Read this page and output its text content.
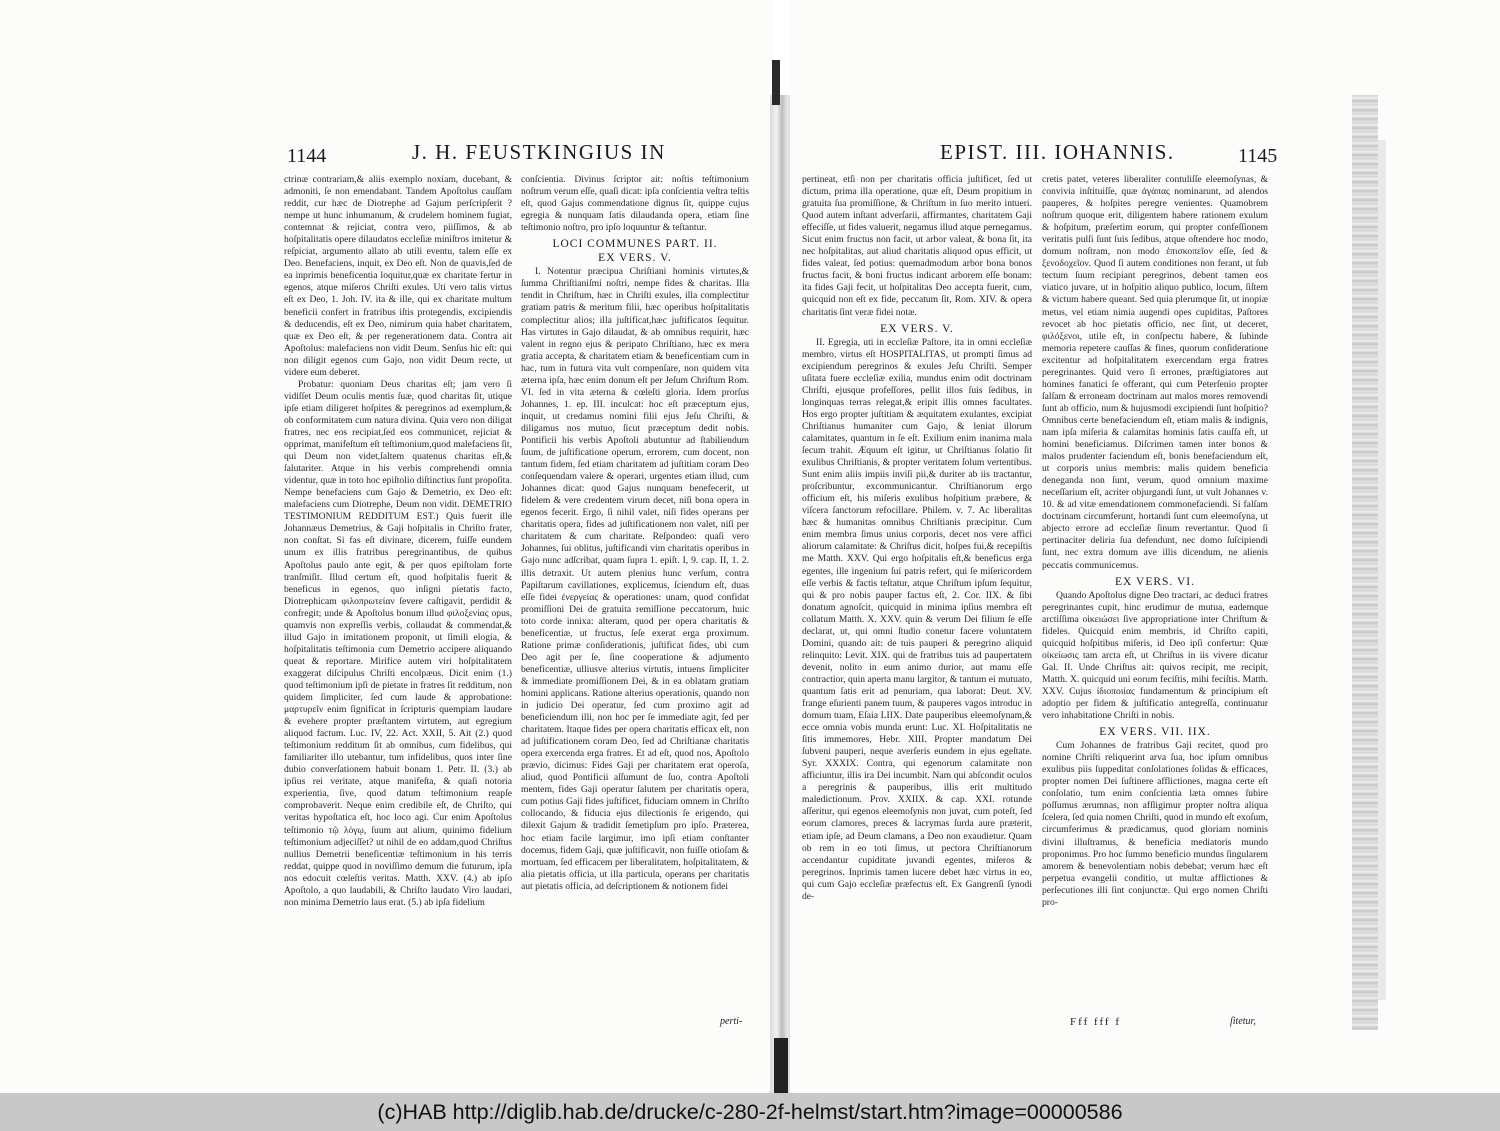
1144	J. H. FEUSTKINGIUS IN

ctrinæ contrariam,& aliis exemplo noxiam, ducebant, & admoniti, ſe non emendabant. Tandem Apoſtolus cauſſam reddit, cur hæc de Diotrephe ad Gajum perſcripſerit ? nempe ut hunc inhumanum, & crudelem hominem fugiat, contemnat & rejiciat, contra vero, piiſſimos, & ab hoſpitalitatis opere dilaudatos eccleſiæ miniſtros imitetur & reſpiciat, argumento allato ab utili eventu, talem eſſe ex Deo. Benefaciens, inquit, ex Deo eſt. Non de quavis,ſed de ea inprimis beneficentia loquitur,quæ ex charitate fertur in egenos, atque miſeros Chriſti exules. Uti vero talis virtus eſt ex Deo, 1. Joh. IV. ita & ille, qui ex charitate multum beneficii confert in fratribus iſtis protegendis, excipiendis & deducendis, eſt ex Deo, nimirum quia habet charitatem, quæ ex Deo eſt, & per regenerationem data. Contra ait Apoſtolus: malefaciens non vidit Deum. Senſus hic eſt: qui non diligit egenos cum Gajo, non vidit Deum recte, ut videre eum deberet.

Probatur: quoniam Deus charitas eſt; jam vero ſi vidiſſet Deum oculis mentis ſuæ, quod charitas ſit, utique ipſe etiam diligeret hoſpites & peregrinos ad exemplum,& ob conformitatem cum natura divina. Quia vero non diligat fratres, nec eos recipiat,ſed eos communicet, rejiciat & opprimat, manifeſtum eſt teſtimonium,quod malefaciens ſit, qui Deum non videt,ſaltem quatenus charitas eſt,& ſalutariter. Atque in his verbis comprehendi omnia videntur, quæ in toto hoc epiſtolio diſtinctius ſunt propoſita. Nempe benefaciens cum Gajo & Demetrio, ex Deo eſt: malefaciens cum Diotrephe, Deum non vidit. DEMETRIO TESTIMONIUM REDDITUM EST.) Quis fuerit ille Johannæus Demetrius, & Gaji hoſpitalis in Chriſto frater, non conſtat. Si fas eſt divinare, dicerem, fuiſſe eundem unum ex illis fratribus peregrinantibus, de quibus Apoſtolus paulo ante egit, & per quos epiſtolam forte tranſmiſit. Illud certum eſt, quod hoſpitalis fuerit & beneficus in egenos, quo inſigni pietatis facto, Diotrephicam φιλοπρωτείαν ſevere caſtigavit, perdidit & confregit; unde & Apoſtolus bonum illud φιλοξενίας opus, quamvis non expreſſis verbis, collaudat & commendat,& illud Gajo in imitationem proponit, ut ſimili elogia, & hoſpitalitatis teſtimonia cum Demetrio accipere aliquando queat & reportare. Mirifice autem viri hoſpitalitatem exaggerat diſcipulus Chriſti encolpæus. Dicit enim (1.) quod teſtimonium ipſi de pietate in fratres ſit redditum, non quidem ſimpliciter, ſed cum laude & approbatione: μαρτυρεῖν enim ſignificat in ſcripturis quempiam laudare & evehere propter præſtantem virtutem, aut egregium aliquod factum. Luc. IV, 22. Act. XXII, 5. Ait (2.) quod teſtimonium redditum ſit ab omnibus, cum fidelibus, qui familiariter illo utebantur, tum infidelibus, quos inter ſine dubio converſationem habuit bonam 1. Petr. II. (3.) ab ipſius rei veritate, atque manifeſta, & quaſi notoria experientia, ſive, quod datum teſtimonium reapſe comprobaverit. Neque enim credibile eſt, de Chriſto, qui veritas hypoſtatica eſt, hoc loco agi. Cur enim Apoſtolus teſtimonio τῷ λόγῳ, ſuum aut alium, quinimo fidelium teſtimonium adjeciſſet? ut nihil de eo addam,quod Chriſtus nullius Demetrii beneficentiæ teſtimonium in his terris reddat, quippe quod in noviſſimo demum die futurum, ipſa nos edocuit cœleſtis veritas. Matth. XXV. (4.) ab ipſo Apoſtolo, a quo laudabili, & Chriſto laudato Viro laudari, non minima Demetrio laus erat. (5.) ab ipſa fidelium

conſcientia. Divinus ſcriptor ait: noſtis teſtimonium noſtrum verum eſſe, quaſi dicat: ipſa conſcientia veſtra teſtis eſt, quod Gajus commendatione dignus ſit, quippe cujus egregia & nunquam ſatis dilaudanda opera, etiam ſine teſtimonio noſtro, pro ipſo loquuntur & teſtantur.

LOCI COMMUNES PART. II.
EX VERS. V.

I. Notentur præcipua Chriſtiani hominis virtutes,& ſumma Chriſtianiſmi noſtri, nempe fides & charitas. Illa tendit in Chriſtum, hæc in Chriſti exules, illa complectitur gratiam patris & meritum filii, hæc operibus hoſpitalitatis complectitur alios; illa juſtificat,hæc juſtificatos ſequitur. Has virtutes in Gajo dilaudat, & ab omnibus requirit, hæc valent in regno ejus & peripato Chriſtiano, hæc ex mera gratia accepta, & charitatem etiam & beneficentiam cum in hac, tum in futura vita vult compenſare, non quidem vita æterna ipſa, hæc enim donum eſt per Jeſum Chriſtum Rom. VI. ſed in vita æterna & cœleſti gloria. Idem prorſus Johannes, 1. ep. III. inculcat: hoc eſt præceptum ejus, inquit, ut credamus nomini filii ejus Jeſu Chriſti, & diligamus nos mutuo, ſicut præceptum dedit nobis. Pontificii his verbis Apoſtoli abutuntur ad ſtabiliendum ſuum, de juſtificatione operum, errorem, cum docent, non tantum fidem, ſed etiam charitatem ad juſtitiam coram Deo conſequendam valere & operari, urgentes etiam illud, cum Johannes dicat: quod Gajus nunquam benefecerit, ut fidelem & vere credentem virum decet, niſi bona opera in egenos fecerit. Ergo, ſi nihil valet, niſi fides operans per charitatis opera, fides ad juſtificationem non valet, niſi per charitatem & cum charitate. Reſpondeo: quaſi vero Johannes, ſui oblitus, juſtificandi vim charitatis operibus in Gajo nunc adſcribat, quam ſupra 1. epiſt. I, 9. cap. II, 1. 2. illis detraxit. Ut autem plenius hunc verſum, contra Papiſtarum cavillationes, explicemus, ſciendum eſt, duas eſſe fidei ἐνεργείας & operationes: unam, quod confidat promiſſioni Dei de gratuita remiſſione peccatorum, huic toto corde innixa: alteram, quod per opera charitatis & beneficentiæ, ut fructus, ſeſe exerat erga proximum. Ratione primæ conſiderationis, juſtificat ſides, ubi cum Deo agit per ſe, ſine cooperatione & adjumento beneficentiæ, ulliusve alterius virtutis, intuens ſimpliciter & immediate promiſſionem Dei, & in ea oblatam gratiam homini applicans. Ratione alterius operationis, quando non in judicio Dei operatur, ſed cum proximo agit ad beneficiendum illi, non hoc per ſe immediate agit, ſed per charitatem. Itaque fides per opera charitatis efficax eſt, non ad juſtificationem coram Deo, ſed ad Chriſtianæ charitatis opera exercenda erga fratres. Et ad eſt, quod nos, Apoſtolo prævio, dicimus: Fides Gaji per charitatem erat operoſa, aliud, quod Pontificii aſſumunt de ſuo, contra Apoſtoli mentem, fides Gaji operatur ſalutem per charitatis opera, cum potius Gaji fides juſtificet, fiduciam omnem in Chriſto collocando, & fiducia ejus dilectionis ſe erigendo, qui dilexit Gajum & tradidit ſemetipſum pro ipſo. Præterea, hoc etiam facile largimur, imo ipſi etiam conſtanter docemus, fidem Gaji, quæ juſtificavit, non fuiſſe otioſam & mortuam, ſed efficacem per liberalitatem, hoſpitalitatem, & alia pietatis officia, ut illa particula, operans per charitatis aut pietatis officia, ad deſcriptionem & notionem fidei

perti-
EPIST. III. IOHANNIS.	1145

pertineat, etſi non per charitatis officia juſtificet, ſed ut dictum, prima illa operatione, quæ eſt, Deum propitium in gratuita ſua promiſſione, & Chriſtum in ſuo merito intueri. Quod autem inſtant adverſarii, affirmantes, charitatem Gaji effeciſſe, ut fides valuerit, negamus illud atque pernegamus. Sicut enim fructus non facit, ut arbor valeat, & bona ſit, ita nec hoſpitalitas, aut aliud charitatis aliquod opus efficit, ut fides valeat, ſed potius: quemadmodum arbor bona bonos fructus facit, & boni fructus indicant arborem eſſe bonam: ita fides Gaji fecit, ut hoſpitalitas Deo accepta fuerit, cum, quicquid non eſt ex fide, peccatum ſit, Rom. XIV. & opera charitatis ſint veræ fidei notæ.

EX VERS. V.

II. Egregia, uti in eccleſiæ Paſtore, ita in omni eccleſiæ membro, virtus eſt HOSPITALITAS, ut prompti ſimus ad excipiendum peregrinos & exules Jeſu Chriſti. Semper uſitata fuere eccleſiæ exilia, mundus enim odit doctrinam Chriſti, ejusque profeſſores, pellit illos ſuis ſedibus, in longinquas terras relegat,& eripit illis omnes facultates. Hos ergo propter juſtitiam & æquitatem exulantes, excipiat Chriſtianus humaniter cum Gajo, & leniat illorum calamitates, quantum in ſe eſt. Exilium enim inanima mala ſecum trahit. Æquum eſt igitur, ut Chriſtianus ſolatio ſit exulibus Chriſtianis, & propter veritatem ſolum vertentibus. Sunt enim aliis impiis inviſi pii,& duriter ab iis tractantur, proſcribuntur, excommunicantur. Chriſtianorum ergo officium eſt, his miſeris exulibus hoſpitium præbere, & viſcera ſanctorum refocillare. Philem. v. 7. Ac liberalitas hæc & humanitas omnibus Chriſtianis præcipitur. Cum enim membra ſimus unius corporis, decet nos vere affici aliorum calamitate: & Chriſtus dicit, hoſpes fui,& recepiſtis me Matth. XXV. Qui ergo hoſpitalis eſt,& beneficus erga egentes, ille ingenium ſui patris refert, qui ſe miſericordem eſſe verbis & factis teſtatur, atque Chriſtum ipſum ſequitur, qui & pro nobis pauper factus eſt, 2. Cor. IIX. & ſibi donatum agnoſcit, quicquid in minima ipſius membra eſt collatum Matth. X. XXV. quin & verum Dei filium ſe eſſe declarat, ut, qui omni ſtudio conetur facere voluntatem Domini, quando ait: de tuis pauperi & peregrino aliquid relinquito: Levit. XIX. qui de fratribus tuis ad paupertatem devenit, nolito in eum animo durior, aut manu eſſe contractior, quin aperta manu largitor, & tantum ei mutuato, quantum ſatis erit ad penuriam, qua laborat: Deut. XV. frange eſurienti panem tuum, & pauperes vagos introduc in domum tuam, Eſaia LIIX. Date pauperibus eleemoſynam,& ecce omnia vobis munda erunt: Luc. XI. Hoſpitalitatis ne ſitis immemores, Hebr. XIII. Propter mandatum Dei ſubveni pauperi, neque averſeris eundem in ejus egeſtate. Syr. XXXIX. Contra, qui egenorum calamitate non afficiuntur, illis ira Dei incumbit. Nam qui abſcondit oculos a peregrinis & pauperibus, illis erit multitudo maledictionum. Prov. XXIIX. & cap. XXI. rotunde aſſeritur, qui egenos eleemoſynis non juvat, cum poteſt, ſed eorum clamores, preces & lacrymas ſurda aure præterit, etiam ipſe, ad Deum clamans, a Deo non exaudietur. Quam ob rem in eo toti ſimus, ut pectora Chriſtianorum accendantur cupiditate juvandi egentes, miſeros & peregrinos. Inprimis tamen lucere debet hæc virtus in eo, qui cum Gajo eccleſiæ præfectus eſt. Ex Gangrenſi ſynodi de-

cretis patet, veteres liberaliter contuliſſe eleemoſynas, & convivia inſtituiſſe, quæ ἀγάπας nominarunt, ad alendos pauperes, & hoſpites peregre venientes. Quamobrem noſtrum quoque erit, diligentem habere rationem exulum & hoſpitum, præſertim eorum, qui propter confeſſionem veritatis pulſi ſunt ſuis ſedibus, atque oſtendere hoc modo, domum noſtram, non modo ἐπισκοπεῖον eſſe, ſed & ξενοδοχεῖον. Quod ſi autem conditiones non ferant, ut ſub tectum ſuum recipiant peregrinos, debent tamen eos viatico juvare, ut in hoſpitio aliquo publico, locum, ſiſtem & victum habere queant. Sed quia plerumque ſit, ut inopiæ metus, vel etiam nimia augendi opes cupiditas, Paſtores revocet ab hoc pietatis officio, nec ſint, ut deceret, φιλόξενοι, utile eſt, in conſpectu habere, & ſubinde memoria repetere cauſſas & fines, quorum conſideratione excitentur ad hoſpitalitatem exercendam erga fratres peregrinantes. Quid vero ſi errones, præſtigiatores aut homines fanatici ſe offerant, qui cum Peterſenio propter ſalſam & erroneam doctrinam aut malos mores removendi ſunt ab officio, num & hujusmodi excipiendi ſunt hoſpitio? Omnibus certe benefaciendum eſt, etiam malis & indignis, nam ipſa miſeria & calamitas hominis ſatis cauſſa eſt, ut homini beneficiamus. Diſcrimen tamen inter bonos & malos prudenter faciendum eſt, bonis benefaciendum eſt, ut corporis unius membris: malis quidem beneficia deneganda non ſunt, verum, quod omnium maxime neceſſarium eſt, acriter objurgandi ſunt, ut vult Johannes v. 10. & ad vitæ emendationem commonefaciendi. Si falſam doctrinam circumferunt, hortandi ſunt cum eleemoſyna, ut abjecto errore ad eccleſiæ ſinum revertantur. Quod ſi pertinaciter deliria ſua defendunt, nec domo ſuſcipiendi ſunt, nec extra domum ave illis dicendum, ne alienis peccatis communicemus.

EX VERS. VI.

Quando Apoſtolus digne Deo tractari, ac deduci fratres peregrinantes cupit, hinc erudimur de mutua, eademque arctiſſima οἰκειώσει ſive appropriatione inter Chriſtum & fideles. Quicquid enim membris, id Chriſto capiti, quicquid hoſpitibus miſeris, id Deo ipſi confertur: Quæ οἰκείωσις tam arcta eſt, ut Chriſtus in iis vivere dicatur Gal. II. Unde Chriſtus ait: quivos recipit, me recipit, Matth. X. quicquid uni eorum feciſtis, mihi feciſtis. Matth. XXV. Cujus ἰδιοποιίας fundamentum & principium eſt adoptio per fidem & juſtificatio antegreſſa, continuatur vero inhabitatione Chriſti in nobis.

EX VERS. VII. IIX.

Cum Johannes de fratribus Gaji recitet, quod pro nomine Chriſti reliquerint arva ſua, hoc ipſum omnibus exulibus piis ſuppeditat conſolationes ſolidas & efficaces, propter nomen Dei ſuſtinere afflictiones, magna certe eſt conſolatio, tum enim conſcientia læta omnes ſubire poſſumus ærumnas, non afſligimur propter noſtra aliqua ſcelera, ſed quia nomen Chriſti, quod in mundo eſt exoſum, circumferimus & prædicamus, quod gloriam nominis divini illuſtramus, & beneficia mediatoris mundo proponimus. Pro hoc ſummo beneficio mundus ſingularem amorem & benevolentiam nobis debebat; verum hæc eſt perpetua evangelii conditio, ut multæ afflictiones & perſecutiones illi ſint conjunctæ. Qui ergo nomen Chriſti pro-

Fff fff f	ſitetur,
(c)HAB http://diglib.hab.de/drucke/c-280-2f-helmst/start.htm?image=00000586
